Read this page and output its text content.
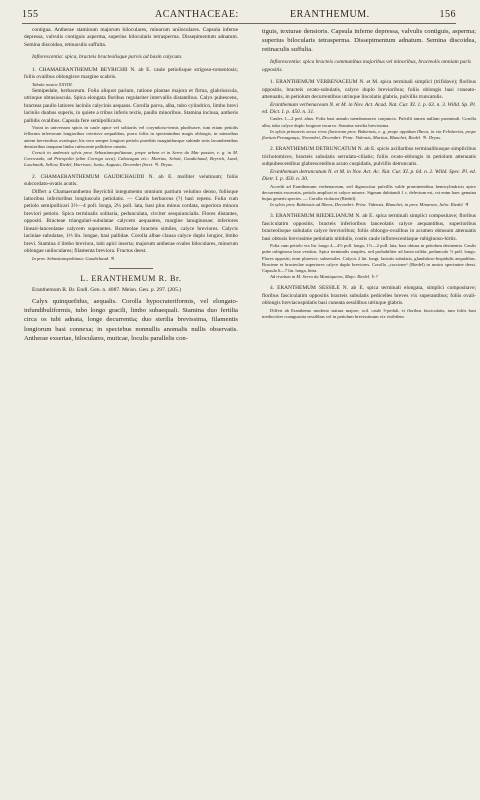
155	ACANTHACEAE:	ERANTHEMUM.	156

contigua. Antherae staminum majorum biloculares, minorum uniloculares. Capsula inferne depressa, valvulis contiguis asperma, superius bilocularis tetrasperma. Dissepimentum adnatum. Semina discoidea, retinaculis suffulta.

Inflorescentia: spica, bracteis bracteolisque parvis ad basin calycum.

1. CHAMAERANTHEMUM BEYRICHII N. ab E. caule petiolisque strigoso-tomentosis; foliis ovalibus oblongisve margine scabris.

Tabula nostra XXVIII.

Semipedale, herbaceum. Folia aliquot parium, ratione plantae majora et firma, glabriuscula, utrinque obtusiuscula. Spica elongata floribus regulariter intervallis distantibus. Calyx pubescens, bracteas paullo latiores laciniis calycinis aequans. Corolla parva, alba, tubo cylindrico, limbo brevi laciniis duabus superis, in quiete a tribus inferis textis, paullo minoribus. Stamina inclusa, antheris pallidis ovalibus. Capsula fere semipollicaris.

Variat in universum spicis in caule apice vel solitariis vel corymboso-ternis pluribusve, tum etiam petiolis fellorum inferiorum longioribus ceterisve aequalibus, porro foliis in speciminibus magis oblongis, in minoribus autem brevioribus ovatisque; his vero semper longiori petiolo praeditis marginibusque subinde setis lacumbentibus densioribus tanquam limbo rufescente pallidove ornatis.

Crescit in umbrosis sylvis prov. Sebastianopolitanae, prope urbem et in Serra do Mar passim, e. g. in M. Corcovado, ad Petropolin (alim Correga seca), Cabocagua etc.: Martius, Schott, Gaudichaud, Beyrich, Lund, Luschnath, Sellow, Riedel, Harrison; Junio, Augusto, Decembri floret. ♃. Dryas.

2. CHAMAERANTHEMUM GAUDICHAUDII N. ab E. molliter velutinum; foliis subcordato-ovatis acutis.

Differt a Chamaeranthemo Beyrichii integumento omnium partium velutino denso, foliisque latioribus inferioribus longiusculo petiolatis. — Caulis herbaceus (?) basi repens. Folia cum petiolo semipollicari 3½—4 poll. longa, 2¼ poll. lata, basi plus minus cordata, superiora minora breviori petiolo. Spica terminalis solitaria, pedunculata, circiter sesquiuncialis. Flores distantes, oppositi. Bracteae triangulari-subulatae calycem aequantes, margine lanuginosae; inferiores lineari-lanceolatae calycem superantes. Bracteolae bracteis similes, calyce breviores. Calycis laciniae subulatae, 1⅓ lin. longae, basi pallidae. Corolla albae clausa calyce duplo longior, limbo brevi. Stamina 4 limbo breviora, tubi apici inserta; majorum antherae ovales biloculares, minorum oblongae uniloculares; filamenta breviora. Fructus deest.

In prov. Sebastianopolitana: Gaudichaud. ♃

L. ERANTHEMUM R. Br.

Eranthemum R. Br. Endl. Gen. n. 4087. Meisn. Gen. p. 297. (205.)

Calyx quinquefidus, aequalis. Corolla hypocrateriformis, vel elongato-infundibuliformis, tubo longo gracili, limbo subaequali. Stamina duo fertilia circa os tubi adnata, longe decurrentia; duo sterilia brevissima, filamentis longiorum basi connexa; in speciebus nonnullis anomalis nullis observatis. Antherae exsertae, biloculares, muticae, loculis parallelis con-

tiguis, texturae densioris. Capsula inferne depressa, valvulis contiguis, asperma; superius bilocularis tetrasperma. Dissepimentum adnatum. Semina discoidea, retinaculis suffulta.

Inflorescentia: spica bracteis communibus majoribus vel minoribus, bracteolis omniam paris oppositis.

1. ERANTHEMUM VERBENACEUM N. et M. spica terminali simplici (trifidave); floribus oppositis, bracteis ovato-subulatis, calyce duplo brevioribus; foliis oblongis basi cuneato-attenuatis, in petiolum decurrentibus utrinque lincolatis glabris, pulvillis truncatulis.

Eranthemum verbenaceum N. et M. in Nov. Act. Acad. Nat. Cur. XI. 1. p. 63. n. 3. Willd. Sp. Pl. ed. Dict. I. p. 450. n. 31.

Caules 1—2 ped. altus. Folia basi annulo membranaceo conjuncta. Pulvilli tamen nullum prominuli. Corolla alba, tubo calyce duplo longiore incurvo. Stamina sterilia brevissima.

In sylvis primaevis secus rivos flavioram prov. Bahiensis, e. g. prope oppidum Ilheos, in via Felisbertia, prope fluvium Peruaguaçu, Novembri, Decembri: Princ. Vidensis, Martius, Blanchet, Riedel. ♃. Dryas.

2. ERANTHEMUM DETRUNCATUM N. ab E. spicis axillaribus terminalibusque simplicibus trichotomisve, bracteis subulatis serrulato-ciliatis; foliis ovato-oblongis in petiolum attenuatis subpubescentibus glabrescentibus acuto cuspidatis, pulvillis detruncatis.

Eranthemum detruncatum N. et M. in Nov. Act. Ac. Nat. Cur. XI. p. 64. n. 2. Willd. Spec. Pl. ed. Dietr. I. p. 450. n. 30.

Accedit ad Eranthemum verbenaceum, sed dignoscitur pulvillis valde prominentibus hemicylindricis apice decurrentis excavatis, petiolo ampliori et calyce minore. Signum dubitandi 1 c. delectum est, cst enim haec genuina hujus generis species. — Corolla violacea (Riedel).

In sylvis prov. Bahiensis ad Ilheos, Decembri: Princ. Vidensis, Blanchet; in prov. Minarum, Julio: Riedel. ♃

3. ERANTHEMUM RIEDELIANUM N. ab E. spica terminali simplici compositave; floribus fasciculatim oppositis, bracteis inferioribus lanceolatis calyce aequantibus, superioribus bracteolisque subulatis calyce brevioribus; foliis oblongo-ovalibus in acumen obtusum attenuatis basi obtusis brevissime petiolatis nitidulis, costis caule inflorescentiaque rubiginoso-hirtis.

Folia cum petiolo vix lin. longo 4—4½ poll. longa, 1½—2 poll. lata, basi obtusa in petiolum desinentia. Caulis pube rubiginosa laxe vestitus. Spica terminalis simplex, sed probabiliter ad basin trifida, pedunculo ½ poll. longo. Flores oppositi, terni pluresve, subsessiles. Calycis 2 lin. longi, laciniis subulatis, glanduloso-hispidulis aequalibus. Bracteae et bracteolae superiores calyce duplo breviores. Corolla „coccinea“ (Riedel) in nostro specimine deest. Capsula 6—7 lin. longa, hirta.

Ad rivulum in M. Serra da Mantiqueira, Majo: Riedel. ♄?

4. ERANTHEMUM SESSILE N. ab E. spica terminali elongata, simplici compositave; floribus fasciculatim oppositis bracteis subulatis pedicelles breves vix superantibus; foliis ovali-oblongis breviacuspidatis basi cuneata sessilibus utrinque glabris.

Differt ab Eranthemo modesto statura majore, scil. caule 3-pedali, et floribus fasciculatis, tum foliis basi mediocriter coangustata sessilibus vel in petiolum brevissimum vix visibilem
